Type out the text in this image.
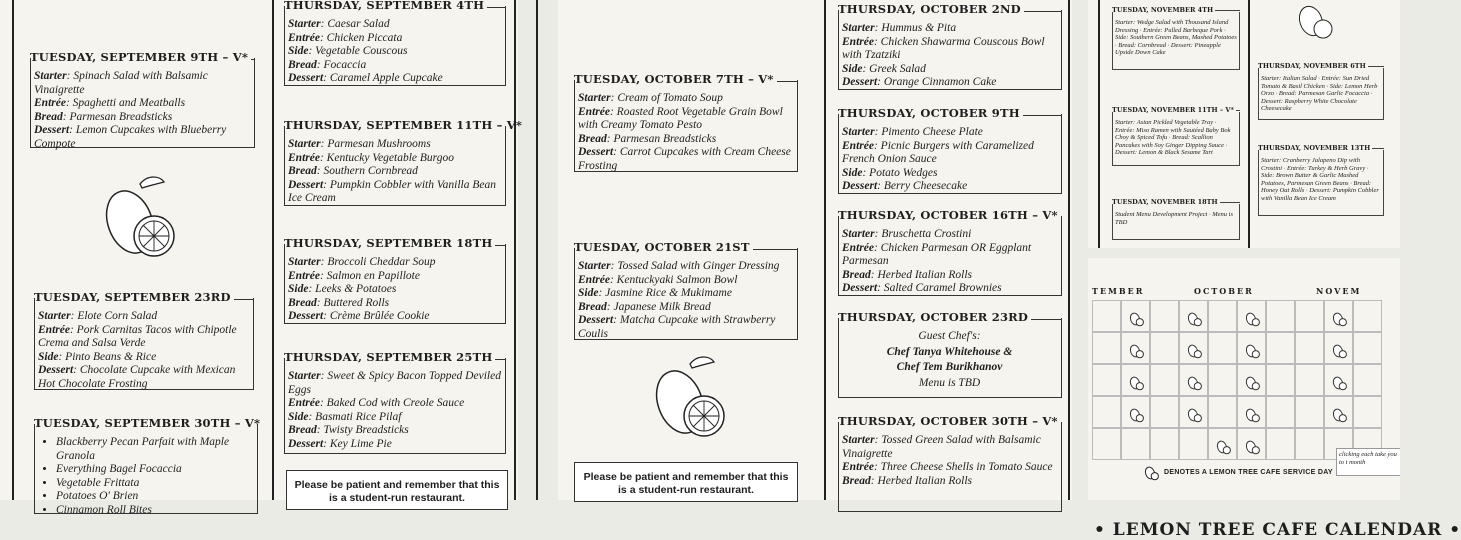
TUESDAY, SEPTEMBER 9TH – V*
Starter: Spinach Salad with Balsamic Vinaigrette
Entrée: Spaghetti and Meatballs
Bread: Parmesan Breadsticks
Dessert: Lemon Cupcakes with Blueberry Compote
TUESDAY, SEPTEMBER 23RD
Starter: Elote Corn Salad
Entrée: Pork Carnitas Tacos with Chipotle Crema and Salsa Verde
Side: Pinto Beans & Rice
Dessert: Chocolate Cupcake with Mexican Hot Chocolate Frosting
TUESDAY, SEPTEMBER 30TH – V*
• Blackberry Pecan Parfait with Maple Granola
• Everything Bagel Focaccia
• Vegetable Frittata
• Potatoes O' Brien
• Cinnamon Roll Bites
THURSDAY, SEPTEMBER 4TH
Starter: Caesar Salad
Entrée: Chicken Piccata
Side: Vegetable Couscous
Bread: Focaccia
Dessert: Caramel Apple Cupcake
THURSDAY, SEPTEMBER 11TH – V*
Starter: Parmesan Mushrooms
Entrée: Kentucky Vegetable Burgoo
Bread: Southern Cornbread
Dessert: Pumpkin Cobbler with Vanilla Bean Ice Cream
THURSDAY, SEPTEMBER 18TH
Starter: Broccoli Cheddar Soup
Entrée: Salmon en Papillote
Side: Leeks & Potatoes
Bread: Buttered Rolls
Dessert: Crème Brûlée Cookie
THURSDAY, SEPTEMBER 25TH
Starter: Sweet & Spicy Bacon Topped Deviled Eggs
Entrée: Baked Cod with Creole Sauce
Side: Basmati Rice Pilaf
Bread: Twisty Breadsticks
Dessert: Key Lime Pie
Please be patient and remember that this is a student-run restaurant.
TUESDAY, OCTOBER 7TH – V*
Starter: Cream of Tomato Soup
Entrée: Roasted Root Vegetable Grain Bowl with Creamy Tomato Pesto
Bread: Parmesan Breadsticks
Dessert: Carrot Cupcakes with Cream Cheese Frosting
TUESDAY, OCTOBER 21ST
Starter: Tossed Salad with Ginger Dressing
Entrée: Kentuckyaki Salmon Bowl
Side: Jasmine Rice & Mukimame
Bread: Japanese Milk Bread
Dessert: Matcha Cupcake with Strawberry Coulis
THURSDAY, OCTOBER 2ND
Starter: Hummus & Pita
Entrée: Chicken Shawarma Couscous Bowl with Tzatziki
Side: Greek Salad
Dessert: Orange Cinnamon Cake
THURSDAY, OCTOBER 9TH
Starter: Pimento Cheese Plate
Entrée: Picnic Burgers with Caramelized French Onion Sauce
Side: Potato Wedges
Dessert: Berry Cheesecake
THURSDAY, OCTOBER 16TH – V*
Starter: Bruschetta Crostini
Entrée: Chicken Parmesan OR Eggplant Parmesan
Bread: Herbed Italian Rolls
Dessert: Salted Caramel Brownies
THURSDAY, OCTOBER 23RD
Guest Chef's:
Chef Tanya Whitehouse &
Chef Tem Burikhanov
Menu is TBD
THURSDAY, OCTOBER 30TH – V*
Starter: Tossed Green Salad with Balsamic Vinaigrette
Entrée: Three Cheese Shells in Tomato Sauce
Bread: Herbed Italian Rolls
Please be patient and remember that this is a student-run restaurant.
TUESDAY, NOVEMBER 4TH
Starter: Wedge Salad with Thousand Island Dressing · Entrée: Pulled Barbeque Pork · Side: Southern Green Beans, Mashed Potatoes · Bread: Cornbread · Dessert: Pineapple Upside Down Cake
THURSDAY, NOVEMBER 6TH
Starter: Italian Salad · Entrée: Sun Dried Tomato & Basil Chicken · Side: Lemon Herb Orzo · Bread: Parmesan Garlic Focaccia · Dessert: Raspberry White Chocolate Cheesecake
TUESDAY, NOVEMBER 11TH – V*
Starter: Asian Pickled Vegetable Tray · Entrée: Miso Ramen with Sautéed Baby Bok Choy & Spiced Tofu · Bread: Scallion Pancakes with Soy Ginger Dipping Sauce · Dessert: Lemon & Black Sesame Tart
THURSDAY, NOVEMBER 13TH
Starter: Cranberry Jalapeno Dip with Crostini · Entrée: Turkey & Herb Gravy · Side: Brown Butter & Garlic Mashed Potatoes, Parmesan Green Beans · Bread: Honey Oat Rolls · Dessert: Pumpkin Cobbler with Vanilla Bean Ice Cream
TUESDAY, NOVEMBER 18TH
Student Menu Development Project · Menu is TBD
• LEMON TREE CAFE CALENDAR •
TEMBER	OCTOBER	NOVEM
DENOTES A LEMON TREE CAFE SERVICE DAY
clicking each take you to t month
